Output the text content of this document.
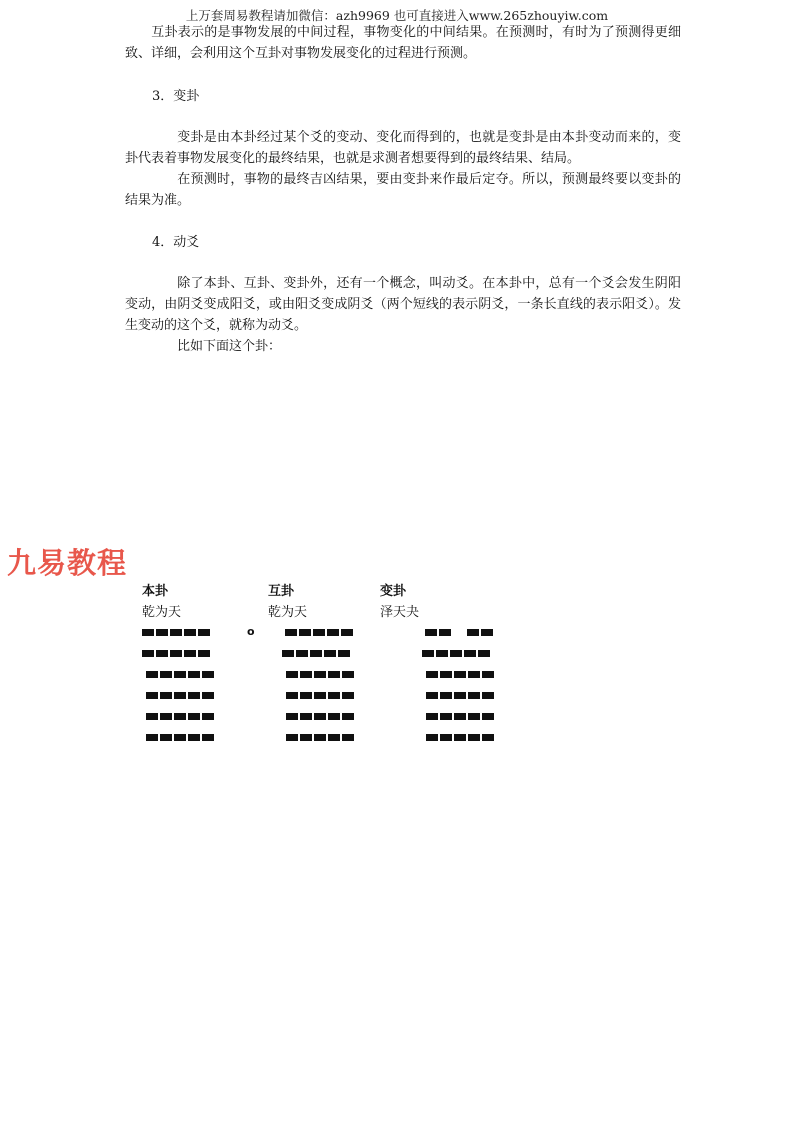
上万套周易教程请加微信：azh9969 也可直接进入www.265zhouyiw.com

互卦表示的是事物发展的中间过程，事物变化的中间结果。在预测时，有时为了预测得更细致、详细，会利用这个互卦对事物发展变化的过程进行预测。

3．变卦

变卦是由本卦经过某个爻的变动、变化而得到的，也就是变卦是由本卦变动而来的，变卦代表着事物发展变化的最终结果，也就是求测者想要得到的最终结果、结局。

在预测时，事物的最终吉凶结果，要由变卦来作最后定夺。所以，预测最终要以变卦的结果为准。

4．动爻

除了本卦、互卦、变卦外，还有一个概念，叫动爻。在本卦中，总有一个爻会发生阴阳变动，由阴爻变成阳爻，或由阳爻变成阴爻（两个短线的表示阴爻，一条长直线的表示阳爻）。发生变动的这个爻，就称为动爻。

比如下面这个卦：

九易教程
本卦
乾为天
互卦
乾为天
变卦
泽天夬
o
